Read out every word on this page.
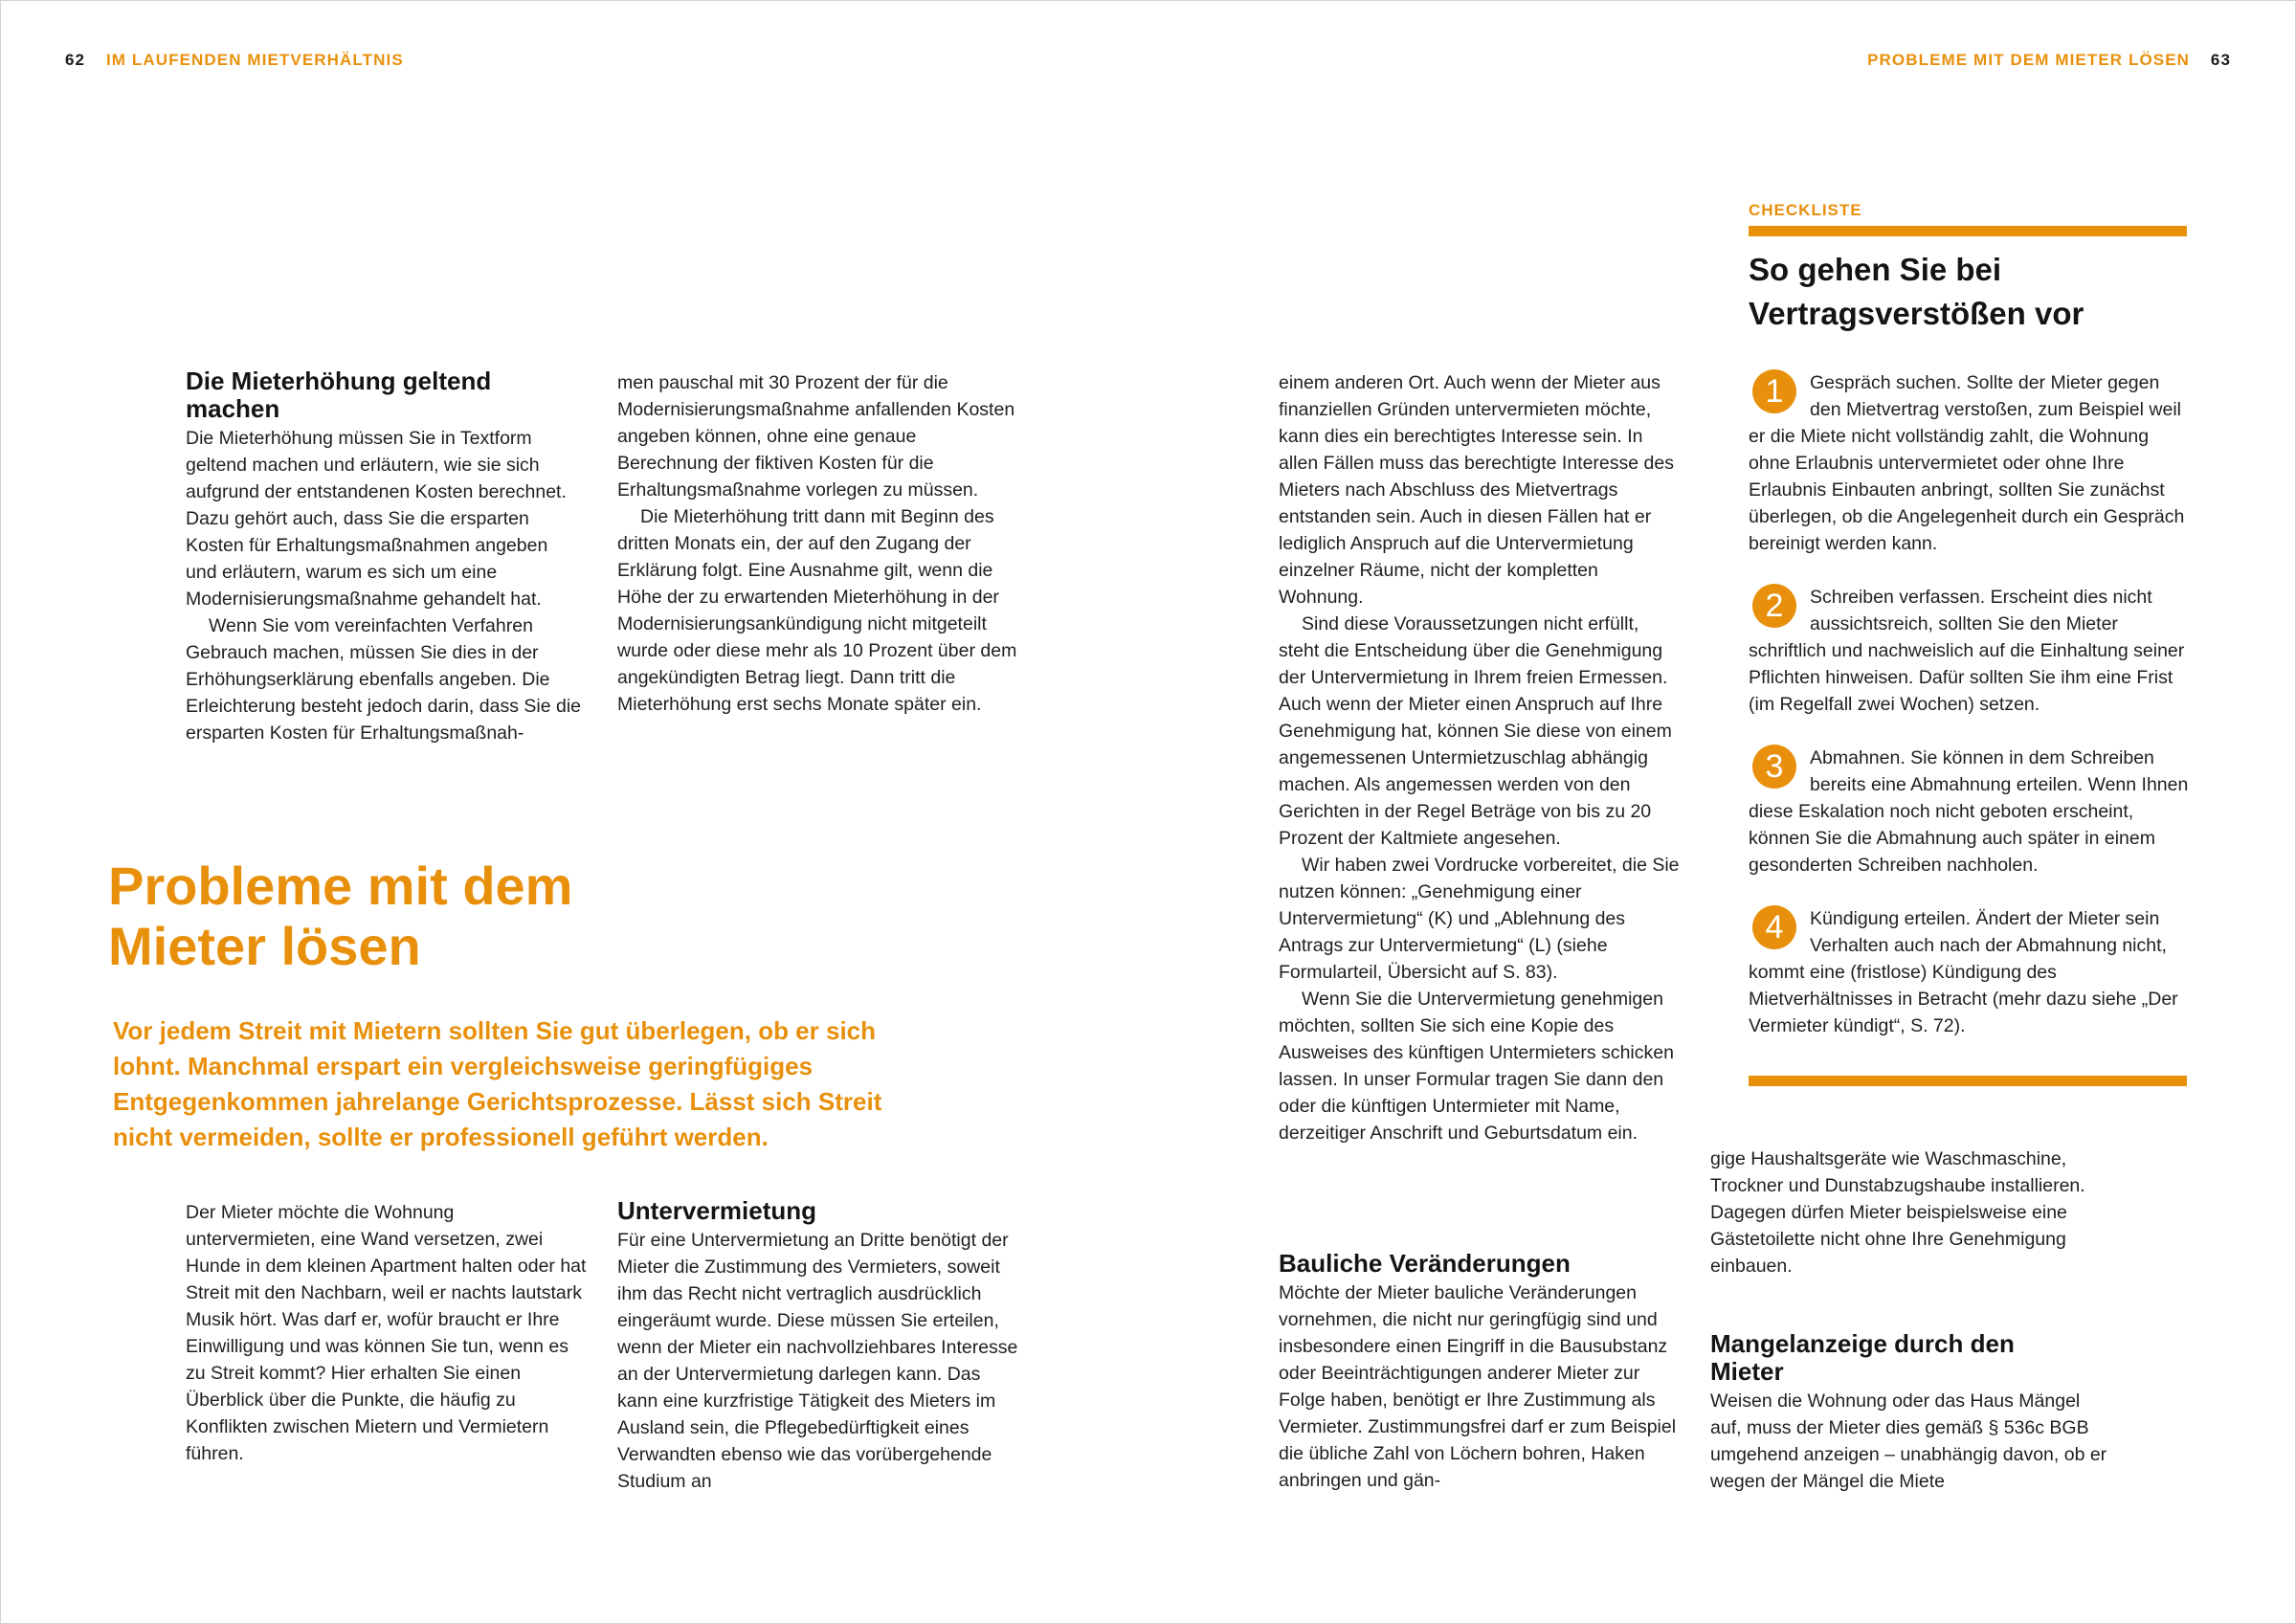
62 IM LAUFENDEN MIETVERHÄLTNIS	PROBLEME MIT DEM MIETER LÖSEN 63
Die Mieterhöhung geltend machen

Die Mieterhöhung müssen Sie in Textform geltend machen und erläutern, wie sie sich aufgrund der entstandenen Kosten berechnet. Dazu gehört auch, dass Sie die ersparten Kosten für Erhaltungsmaßnahmen angeben und erläutern, warum es sich um eine Modernisierungsmaßnahme gehandelt hat.

Wenn Sie vom vereinfachten Verfahren Gebrauch machen, müssen Sie dies in der Erhöhungserklärung ebenfalls angeben. Die Erleichterung besteht jedoch darin, dass Sie die ersparten Kosten für Erhaltungsmaßnah-

men pauschal mit 30 Prozent der für die Modernisierungsmaßnahme anfallenden Kosten angeben können, ohne eine genaue Berechnung der fiktiven Kosten für die Erhaltungsmaßnahme vorlegen zu müssen.

Die Mieterhöhung tritt dann mit Beginn des dritten Monats ein, der auf den Zugang der Erklärung folgt. Eine Ausnahme gilt, wenn die Höhe der zu erwartenden Mieterhöhung in der Modernisierungsankündigung nicht mitgeteilt wurde oder diese mehr als 10 Prozent über dem angekündigten Betrag liegt. Dann tritt die Mieterhöhung erst sechs Monate später ein.

Probleme mit dem
Mieter lösen
Vor jedem Streit mit Mietern sollten Sie gut überlegen, ob er sich lohnt. Manchmal erspart ein vergleichsweise geringfügiges Entgegenkommen jahrelange Gerichtsprozesse. Lässt sich Streit nicht vermeiden, sollte er professionell geführt werden.

Der Mieter möchte die Wohnung untervermieten, eine Wand versetzen, zwei Hunde in dem kleinen Apartment halten oder hat Streit mit den Nachbarn, weil er nachts lautstark Musik hört. Was darf er, wofür braucht er Ihre Einwilligung und was können Sie tun, wenn es zu Streit kommt? Hier erhalten Sie einen Überblick über die Punkte, die häufig zu Konflikten zwischen Mietern und Vermietern führen.

Untervermietung

Für eine Untervermietung an Dritte benötigt der Mieter die Zustimmung des Vermieters, soweit ihm das Recht nicht vertraglich ausdrücklich eingeräumt wurde. Diese müssen Sie erteilen, wenn der Mieter ein nachvollziehbares Interesse an der Untervermietung darlegen kann. Das kann eine kurzfristige Tätigkeit des Mieters im Ausland sein, die Pflegebedürftigkeit eines Verwandten ebenso wie das vorübergehende Studium an

einem anderen Ort. Auch wenn der Mieter aus finanziellen Gründen untervermieten möchte, kann dies ein berechtigtes Interesse sein. In allen Fällen muss das berechtigte Interesse des Mieters nach Abschluss des Mietvertrags entstanden sein. Auch in diesen Fällen hat er lediglich Anspruch auf die Untervermietung einzelner Räume, nicht der kompletten Wohnung.

Sind diese Voraussetzungen nicht erfüllt, steht die Entscheidung über die Genehmigung der Untervermietung in Ihrem freien Ermessen. Auch wenn der Mieter einen Anspruch auf Ihre Genehmigung hat, können Sie diese von einem angemessenen Untermietzuschlag abhängig machen. Als angemessen werden von den Gerichten in der Regel Beträge von bis zu 20 Prozent der Kaltmiete angesehen.

Wir haben zwei Vordrucke vorbereitet, die Sie nutzen können: „Genehmigung einer Untervermietung“ (K) und „Ablehnung des Antrags zur Untervermietung“ (L) (siehe Formularteil, Übersicht auf S. 83).

Wenn Sie die Untervermietung genehmigen möchten, sollten Sie sich eine Kopie des Ausweises des künftigen Untermieters schicken lassen. In unser Formular tragen Sie dann den oder die künftigen Untermieter mit Name, derzeitiger Anschrift und Geburtsdatum ein.

Bauliche Veränderungen

Möchte der Mieter bauliche Veränderungen vornehmen, die nicht nur geringfügig sind und insbesondere einen Eingriff in die Bausubstanz oder Beeinträchtigungen anderer Mieter zur Folge haben, benötigt er Ihre Zustimmung als Vermieter. Zustimmungsfrei darf er zum Beispiel die übliche Zahl von Löchern bohren, Haken anbringen und gän-

gige Haushaltsgeräte wie Waschmaschine, Trockner und Dunstabzugshaube installieren. Dagegen dürfen Mieter beispielsweise eine Gästetoilette nicht ohne Ihre Genehmigung einbauen.

Mangelanzeige durch den Mieter

Weisen die Wohnung oder das Haus Mängel auf, muss der Mieter dies gemäß § 536c BGB umgehend anzeigen – unabhängig davon, ob er wegen der Mängel die Miete

CHECKLISTE
So gehen Sie bei
Vertragsverstößen vor
1	Gespräch suchen. Sollte der Mieter gegen den Mietvertrag verstoßen, zum Beispiel weil er die Miete nicht vollständig zahlt, die Wohnung ohne Erlaubnis untervermietet oder ohne Ihre Erlaubnis Einbauten anbringt, sollten Sie zunächst überlegen, ob die Angelegenheit durch ein Gespräch bereinigt werden kann.
2	Schreiben verfassen. Erscheint dies nicht aussichtsreich, sollten Sie den Mieter schriftlich und nachweislich auf die Einhaltung seiner Pflichten hinweisen. Dafür sollten Sie ihm eine Frist (im Regelfall zwei Wochen) setzen.
3	Abmahnen. Sie können in dem Schreiben bereits eine Abmahnung erteilen. Wenn Ihnen diese Eskalation noch nicht geboten erscheint, können Sie die Abmahnung auch später in einem gesonderten Schreiben nachholen.
4	Kündigung erteilen. Ändert der Mieter sein Verhalten auch nach der Abmahnung nicht, kommt eine (fristlose) Kündigung des Mietverhältnisses in Betracht (mehr dazu siehe „Der Vermieter kündigt“, S. 72).
